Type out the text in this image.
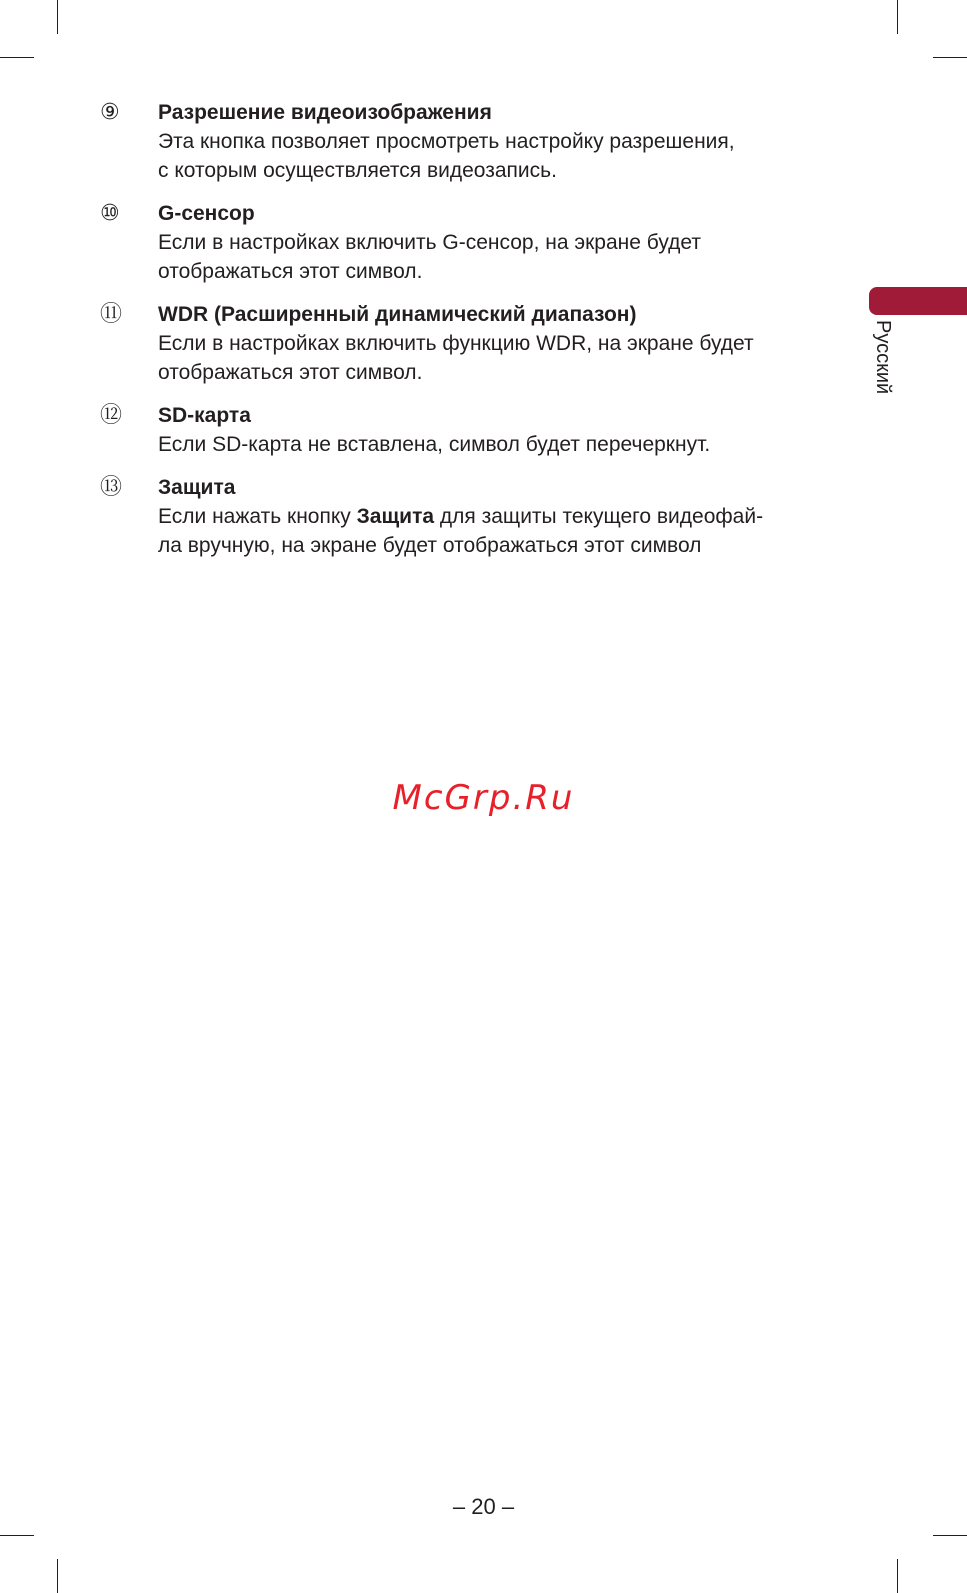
⑨	Разрешение видеоизображения
Эта кнопка позволяет просмотреть настройку разрешения,
с которым осуществляется видеозапись.
⑩	G-сенсор
Если в настройках включить G-сенсор, на экране будет
отображаться этот символ.
⑪	WDR (Расширенный динамический диапазон)
Если в настройках включить функцию WDR, на экране будет
отображаться этот символ.
⑫	SD-карта
Если SD-карта не вставлена, символ будет перечеркнут.
⑬	Защита
Если нажать кнопку Защита для защиты текущего видеофай-
ла вручную, на экране будет отображаться этот символ
Русский
McGrp.Ru
– 20 –
